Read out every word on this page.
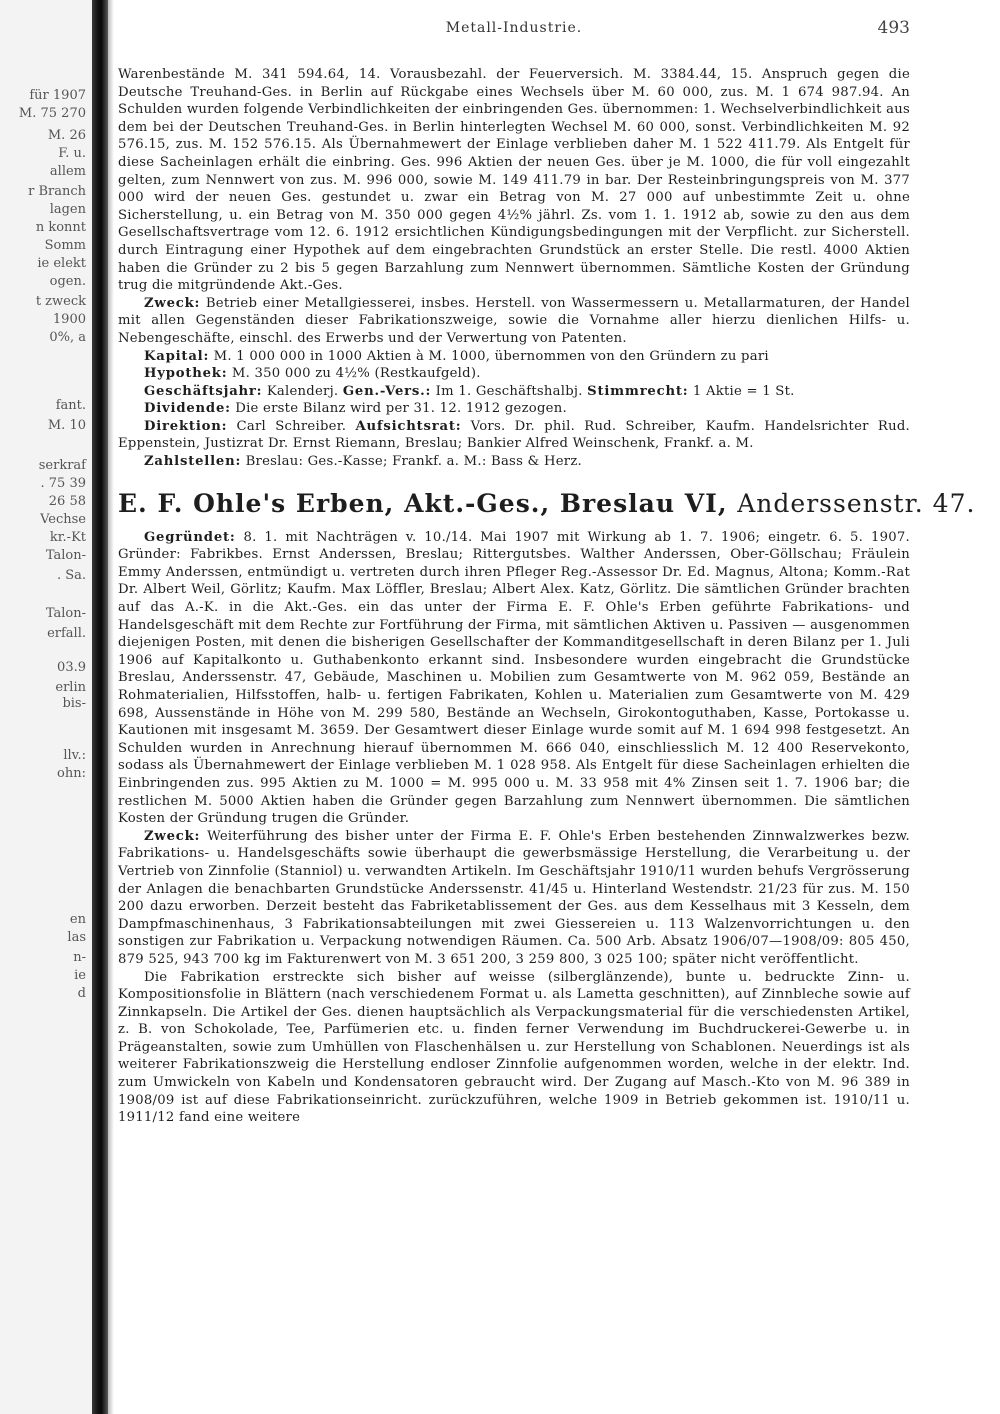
für 1907
M. 75 270
M. 26
F. u.
allem
r Branch
lagen
n konnt
Somm
ie elekt
ogen.
t zweck
1900
0%, a
fant.
M. 10
serkraf
. 75 39
26 58
Vechse
kr.-Kt
Talon-
. Sa.
Talon-
erfall.
03.9
erlin
bis-
llv.:
ohn:
en
las
n-
ie
d
Metall-Industrie.	493

Warenbestände M. 341 594.64, 14. Vorausbezahl. der Feuerversich. M. 3384.44, 15. Anspruch gegen die Deutsche Treuhand-Ges. in Berlin auf Rückgabe eines Wechsels über M. 60 000, zus. M. 1 674 987.94. An Schulden wurden folgende Verbindlichkeiten der einbringenden Ges. übernommen: 1. Wechselverbindlichkeit aus dem bei der Deutschen Treuhand-Ges. in Berlin hinterlegten Wechsel M. 60 000, sonst. Verbindlichkeiten M. 92 576.15, zus. M. 152 576.15. Als Übernahmewert der Einlage verblieben daher M. 1 522 411.79. Als Entgelt für diese Sacheinlagen erhält die einbring. Ges. 996 Aktien der neuen Ges. über je M. 1000, die für voll eingezahlt gelten, zum Nennwert von zus. M. 996 000, sowie M. 149 411.79 in bar. Der Resteinbringungspreis von M. 377 000 wird der neuen Ges. gestundet u. zwar ein Betrag von M. 27 000 auf unbestimmte Zeit u. ohne Sicherstellung, u. ein Betrag von M. 350 000 gegen 4½% jährl. Zs. vom 1. 1. 1912 ab, sowie zu den aus dem Gesellschaftsvertrage vom 12. 6. 1912 ersichtlichen Kündigungsbedingungen mit der Verpflicht. zur Sicherstell. durch Eintragung einer Hypothek auf dem eingebrachten Grundstück an erster Stelle. Die restl. 4000 Aktien haben die Gründer zu 2 bis 5 gegen Barzahlung zum Nennwert übernommen. Sämtliche Kosten der Gründung trug die mitgründende Akt.-Ges.

Zweck: Betrieb einer Metallgiesserei, insbes. Herstell. von Wassermessern u. Metallarmaturen, der Handel mit allen Gegenständen dieser Fabrikationszweige, sowie die Vornahme aller hierzu dienlichen Hilfs- u. Nebengeschäfte, einschl. des Erwerbs und der Verwertung von Patenten.

Kapital: M. 1 000 000 in 1000 Aktien à M. 1000, übernommen von den Gründern zu pari

Hypothek: M. 350 000 zu 4½% (Restkaufgeld).

Geschäftsjahr: Kalenderj. Gen.-Vers.: Im 1. Geschäftshalbj. Stimmrecht: 1 Aktie = 1 St.

Dividende: Die erste Bilanz wird per 31. 12. 1912 gezogen.

Direktion: Carl Schreiber. Aufsichtsrat: Vors. Dr. phil. Rud. Schreiber, Kaufm. Handelsrichter Rud. Eppenstein, Justizrat Dr. Ernst Riemann, Breslau; Bankier Alfred Weinschenk, Frankf. a. M.

Zahlstellen: Breslau: Ges.-Kasse; Frankf. a. M.: Bass & Herz.

E. F. Ohle's Erben, Akt.-Ges., Breslau VI, Anderssenstr. 47.

Gegründet: 8. 1. mit Nachträgen v. 10./14. Mai 1907 mit Wirkung ab 1. 7. 1906; eingetr. 6. 5. 1907. Gründer: Fabrikbes. Ernst Anderssen, Breslau; Rittergutsbes. Walther Anderssen, Ober-Göllschau; Fräulein Emmy Anderssen, entmündigt u. vertreten durch ihren Pfleger Reg.-Assessor Dr. Ed. Magnus, Altona; Komm.-Rat Dr. Albert Weil, Görlitz; Kaufm. Max Löffler, Breslau; Albert Alex. Katz, Görlitz. Die sämtlichen Gründer brachten auf das A.-K. in die Akt.-Ges. ein das unter der Firma E. F. Ohle's Erben geführte Fabrikations- und Handelsgeschäft mit dem Rechte zur Fortführung der Firma, mit sämtlichen Aktiven u. Passiven — ausgenommen diejenigen Posten, mit denen die bisherigen Gesellschafter der Kommanditgesellschaft in deren Bilanz per 1. Juli 1906 auf Kapitalkonto u. Guthabenkonto erkannt sind. Insbesondere wurden eingebracht die Grundstücke Breslau, Anderssenstr. 47, Gebäude, Maschinen u. Mobilien zum Gesamtwerte von M. 962 059, Bestände an Rohmaterialien, Hilfsstoffen, halb- u. fertigen Fabrikaten, Kohlen u. Materialien zum Gesamtwerte von M. 429 698, Aussenstände in Höhe von M. 299 580, Bestände an Wechseln, Girokontoguthaben, Kasse, Portokasse u. Kautionen mit insgesamt M. 3659. Der Gesamtwert dieser Einlage wurde somit auf M. 1 694 998 festgesetzt. An Schulden wurden in Anrechnung hierauf übernommen M. 666 040, einschliesslich M. 12 400 Reservekonto, sodass als Übernahmewert der Einlage verblieben M. 1 028 958. Als Entgelt für diese Sacheinlagen erhielten die Einbringenden zus. 995 Aktien zu M. 1000 = M. 995 000 u. M. 33 958 mit 4% Zinsen seit 1. 7. 1906 bar; die restlichen M. 5000 Aktien haben die Gründer gegen Barzahlung zum Nennwert übernommen. Die sämtlichen Kosten der Gründung trugen die Gründer.

Zweck: Weiterführung des bisher unter der Firma E. F. Ohle's Erben bestehenden Zinnwalzwerkes bezw. Fabrikations- u. Handelsgeschäfts sowie überhaupt die gewerbsmässige Herstellung, die Verarbeitung u. der Vertrieb von Zinnfolie (Stanniol) u. verwandten Artikeln. Im Geschäftsjahr 1910/11 wurden behufs Vergrösserung der Anlagen die benachbarten Grundstücke Anderssenstr. 41/45 u. Hinterland Westendstr. 21/23 für zus. M. 150 200 dazu erworben. Derzeit besteht das Fabriketablissement der Ges. aus dem Kesselhaus mit 3 Kesseln, dem Dampfmaschinenhaus, 3 Fabrikationsabteilungen mit zwei Giessereien u. 113 Walzenvorrichtungen u. den sonstigen zur Fabrikation u. Verpackung notwendigen Räumen. Ca. 500 Arb. Absatz 1906/07—1908/09: 805 450, 879 525, 943 700 kg im Fakturenwert von M. 3 651 200, 3 259 800, 3 025 100; später nicht veröffentlicht.

Die Fabrikation erstreckte sich bisher auf weisse (silberglänzende), bunte u. bedruckte Zinn- u. Kompositionsfolie in Blättern (nach verschiedenem Format u. als Lametta geschnitten), auf Zinnbleche sowie auf Zinnkapseln. Die Artikel der Ges. dienen hauptsächlich als Verpackungsmaterial für die verschiedensten Artikel, z. B. von Schokolade, Tee, Parfümerien etc. u. finden ferner Verwendung im Buchdruckerei-Gewerbe u. in Prägeanstalten, sowie zum Umhüllen von Flaschenhälsen u. zur Herstellung von Schablonen. Neuerdings ist als weiterer Fabrikationszweig die Herstellung endloser Zinnfolie aufgenommen worden, welche in der elektr. Ind. zum Umwickeln von Kabeln und Kondensatoren gebraucht wird. Der Zugang auf Masch.-Kto von M. 96 389 in 1908/09 ist auf diese Fabrikationseinricht. zurückzuführen, welche 1909 in Betrieb gekommen ist. 1910/11 u. 1911/12 fand eine weitere
